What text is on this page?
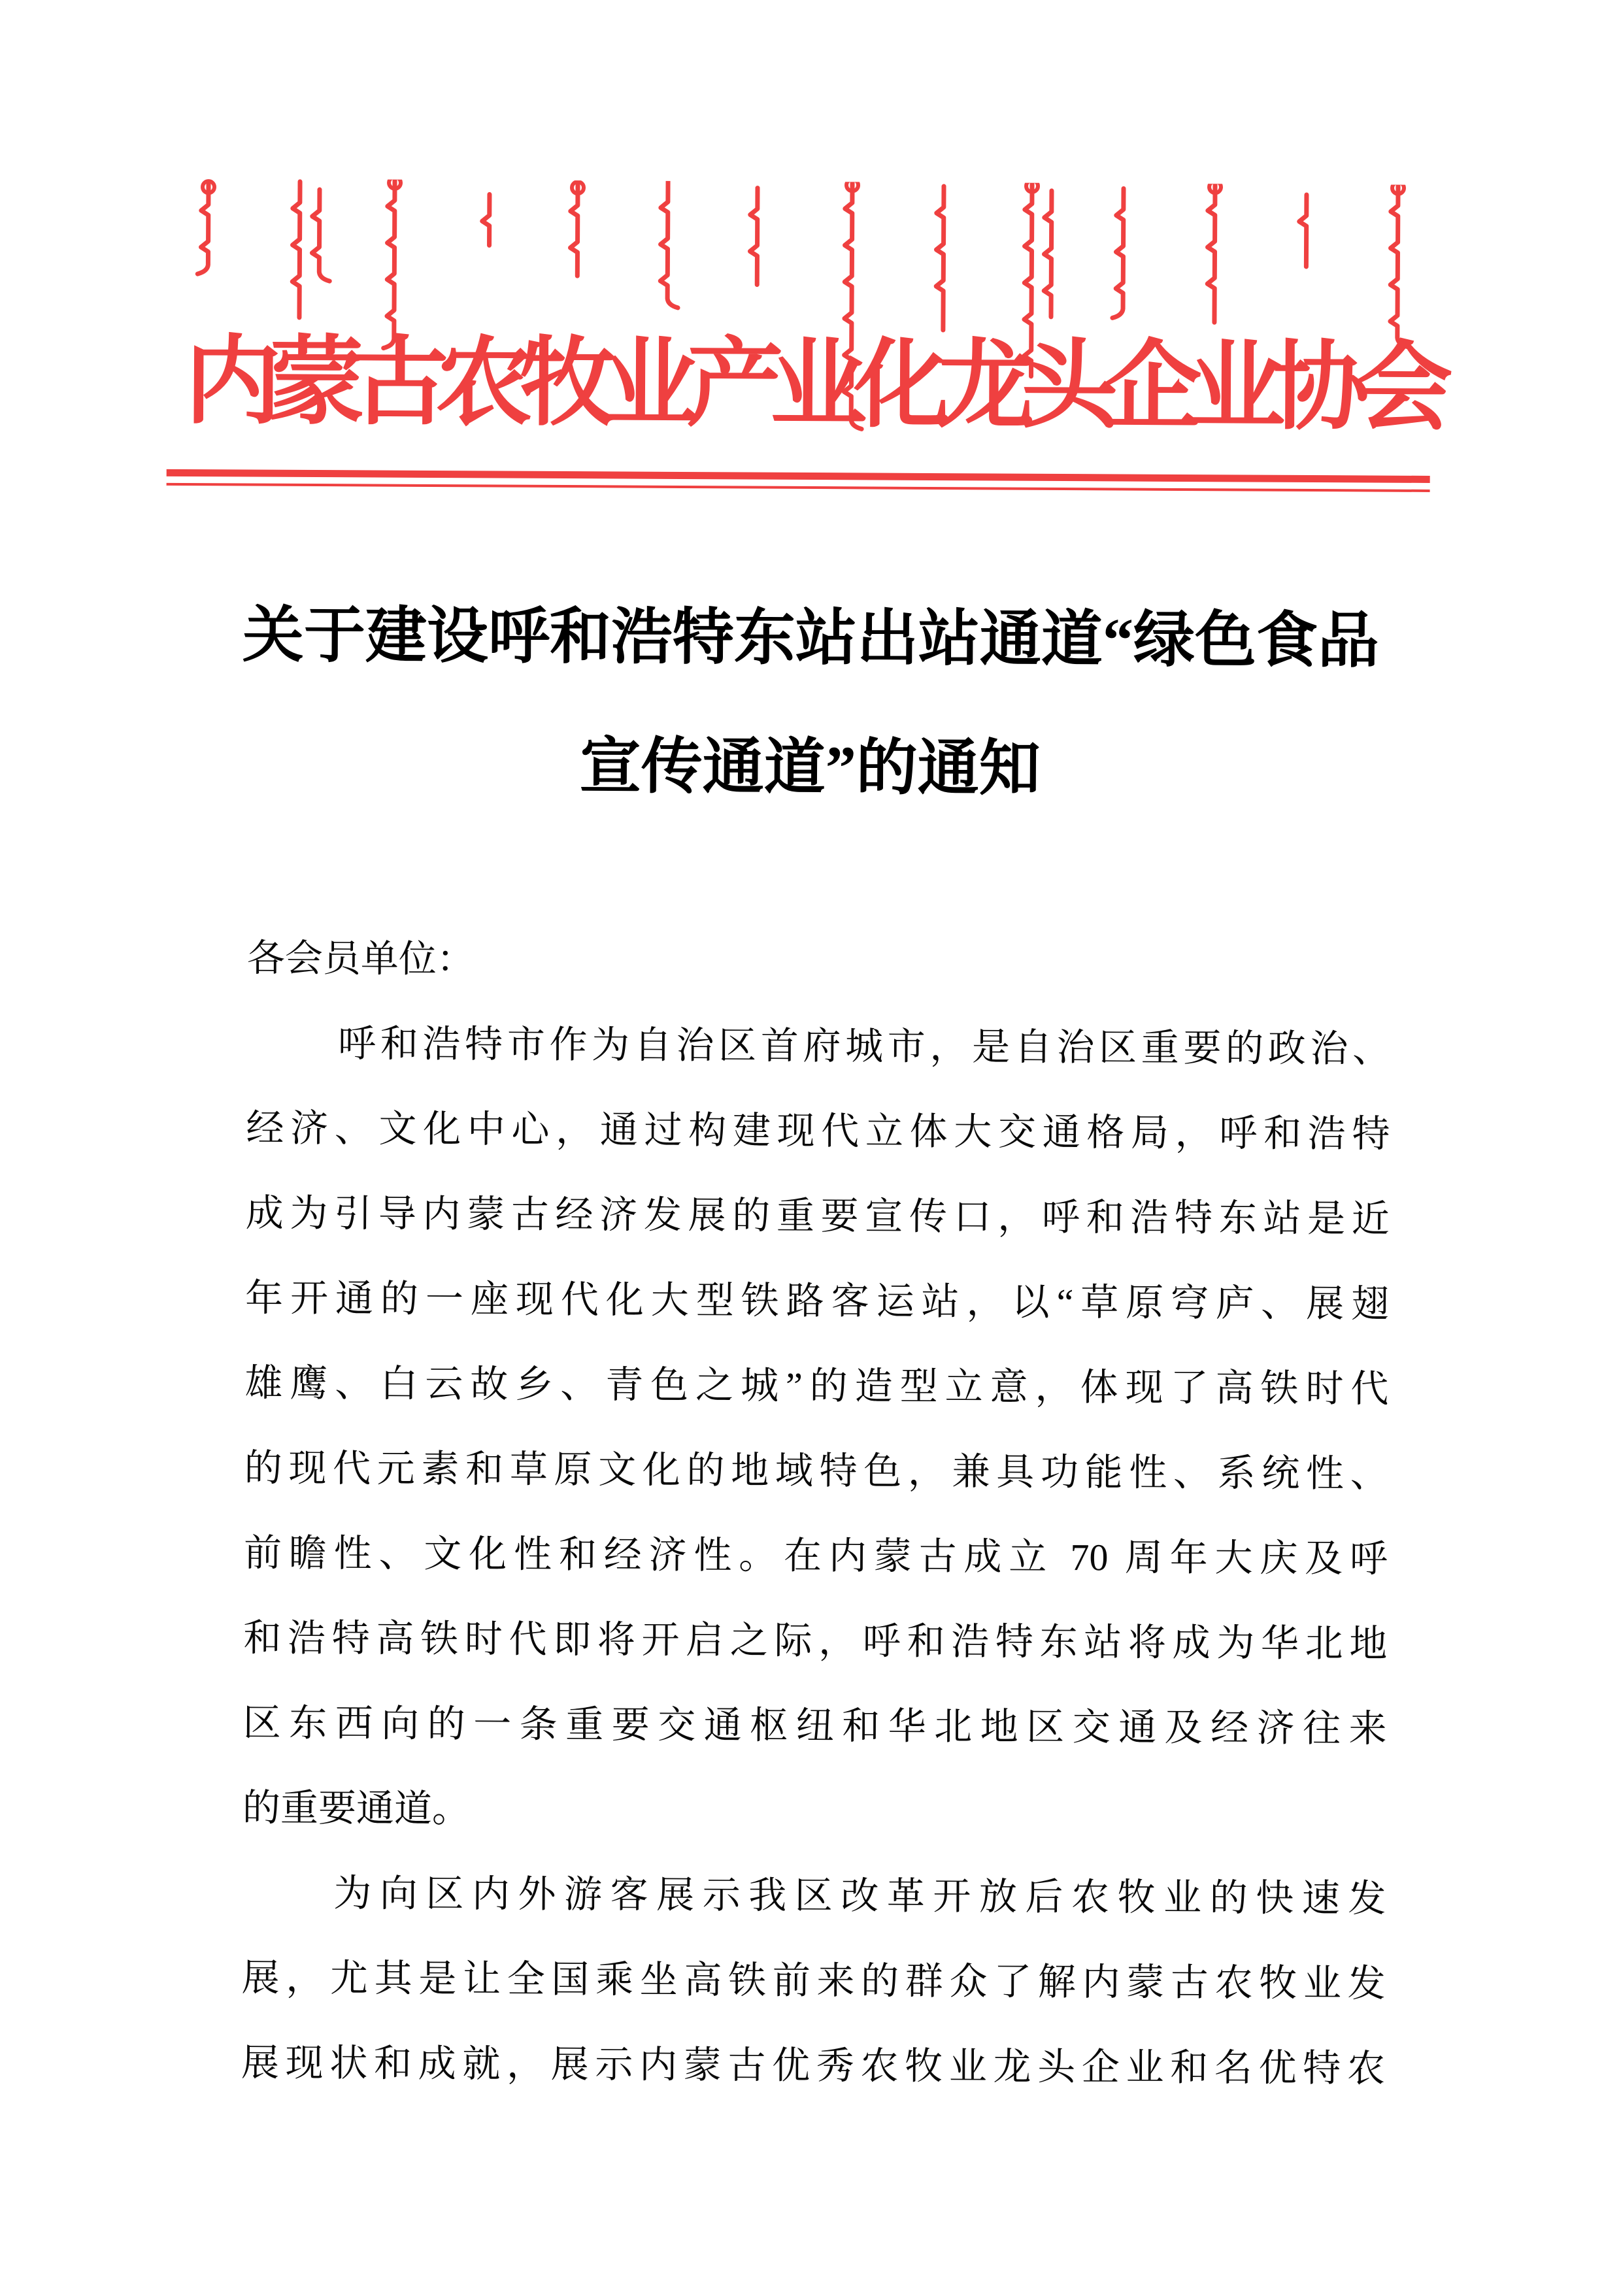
内蒙古农牧业产业化龙头企业协会
关于建设呼和浩特东站出站通道“绿色食品
宣传通道”的通知
各会员单位：
呼和浩特市作为自治区首府城市，是自治区重要的政治、
经济、文化中心，通过构建现代立体大交通格局，呼和浩特
成为引导内蒙古经济发展的重要宣传口，呼和浩特东站是近
年开通的一座现代化大型铁路客运站，以“草原穹庐、展翅
雄鹰、白云故乡、青色之城”的造型立意，体现了高铁时代
的现代元素和草原文化的地域特色，兼具功能性、系统性、
前瞻性、文化性和经济性。在内蒙古成立 70 周年大庆及呼
和浩特高铁时代即将开启之际，呼和浩特东站将成为华北地
区东西向的一条重要交通枢纽和华北地区交通及经济往来
的重要通道。
为向区内外游客展示我区改革开放后农牧业的快速发
展，尤其是让全国乘坐高铁前来的群众了解内蒙古农牧业发
展现状和成就，展示内蒙古优秀农牧业龙头企业和名优特农
